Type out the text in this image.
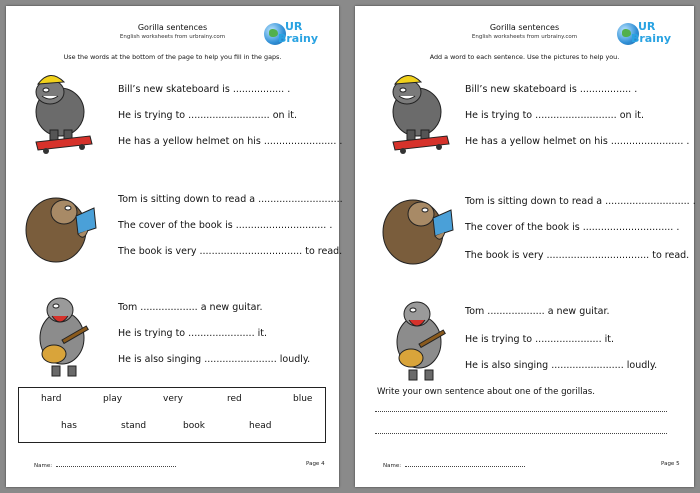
Gorilla sentences
English worksheets from urbrainy.com
UR
Brainy
Use the words at the bottom of the page to help you fill in the gaps.
Bill’s new skateboard is ................. .
He is trying to ........................... on it.
He has a yellow helmet on his ........................ .
Tom is sitting down to read a ............................
The cover of the book is .............................. .
The book is very .................................. to read.
Tom ................... a new guitar.
He is trying to ...................... it.
He is also singing ........................ loudly.
hard	play	very	red	blue
has	stand	book	head
Name:	Page 4
Gorilla sentences
English worksheets from urbrainy.com
UR
Brainy
Add a word to each sentence. Use the pictures to help you.
Bill’s new skateboard is ................. .
He is trying to ........................... on it.
He has a yellow helmet on his ........................ .
Tom is sitting down to read a ............................ .
The cover of the book is .............................. .
The book is very .................................. to read.
Tom ................... a new guitar.
He is trying to ...................... it.
He is also singing ........................ loudly.
Write your own sentence about one of the gorillas.
Name:	Page 5
